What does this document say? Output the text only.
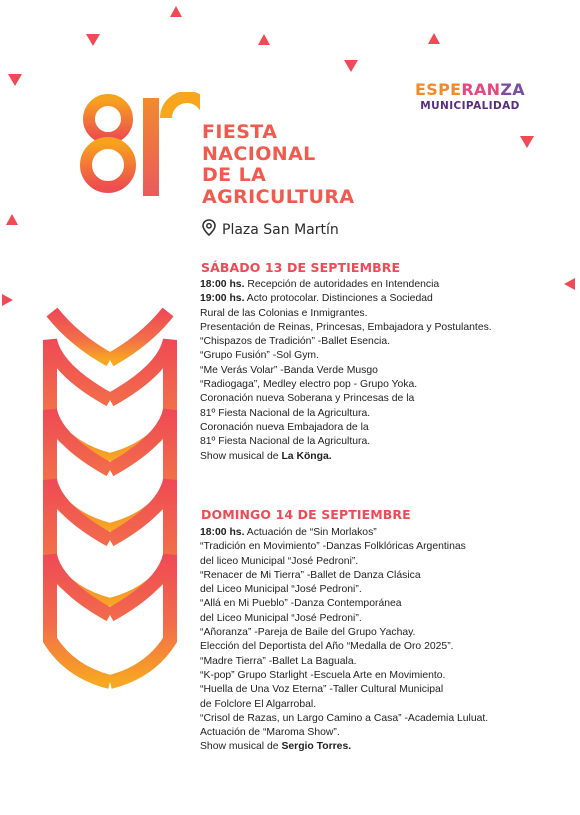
FIESTA
NACIONAL
DE LA
AGRICULTURA
ESPERANZA
MUNICIPALIDAD
Plaza San Martín
SÁBADO 13 DE SEPTIEMBRE
18:00 hs. Recepción de autoridades en Intendencia
19:00 hs. Acto protocolar. Distinciones a Sociedad
Rural de las Colonias e Inmigrantes.
Presentación de Reinas, Princesas, Embajadora y Postulantes.
“Chispazos de Tradición” -Ballet Esencia.
“Grupo Fusión” -Sol Gym.
“Me Verás Volar” -Banda Verde Musgo
“Radiogaga”, Medley electro pop - Grupo Yoka.
Coronación nueva Soberana y Princesas de la
81º Fiesta Nacional de la Agricultura.
Coronación nueva Embajadora de la
81º Fiesta Nacional de la Agricultura.
Show musical de La Könga.
DOMINGO 14 DE SEPTIEMBRE
18:00 hs. Actuación de “Sin Morlakos”
“Tradición en Movimiento” -Danzas Folklóricas Argentinas
del liceo Municipal “José Pedroni”.
“Renacer de Mi Tierra” -Ballet de Danza Clásica
del Liceo Municipal “José Pedroni”.
“Allá en Mi Pueblo” -Danza Contemporánea
del Liceo Municipal “José Pedroni”.
“Añoranza” -Pareja de Baile del Grupo Yachay.
Elección del Deportista del Año “Medalla de Oro 2025”.
“Madre Tierra” -Ballet La Baguala.
“K-pop” Grupo Starlight -Escuela Arte en Movimiento.
“Huella de Una Voz Eterna” -Taller Cultural Municipal
de Folclore El Algarrobal.
“Crisol de Razas, un Largo Camino a Casa” -Academia Luluat.
Actuación de “Maroma Show”.
Show musical de Sergio Torres.
